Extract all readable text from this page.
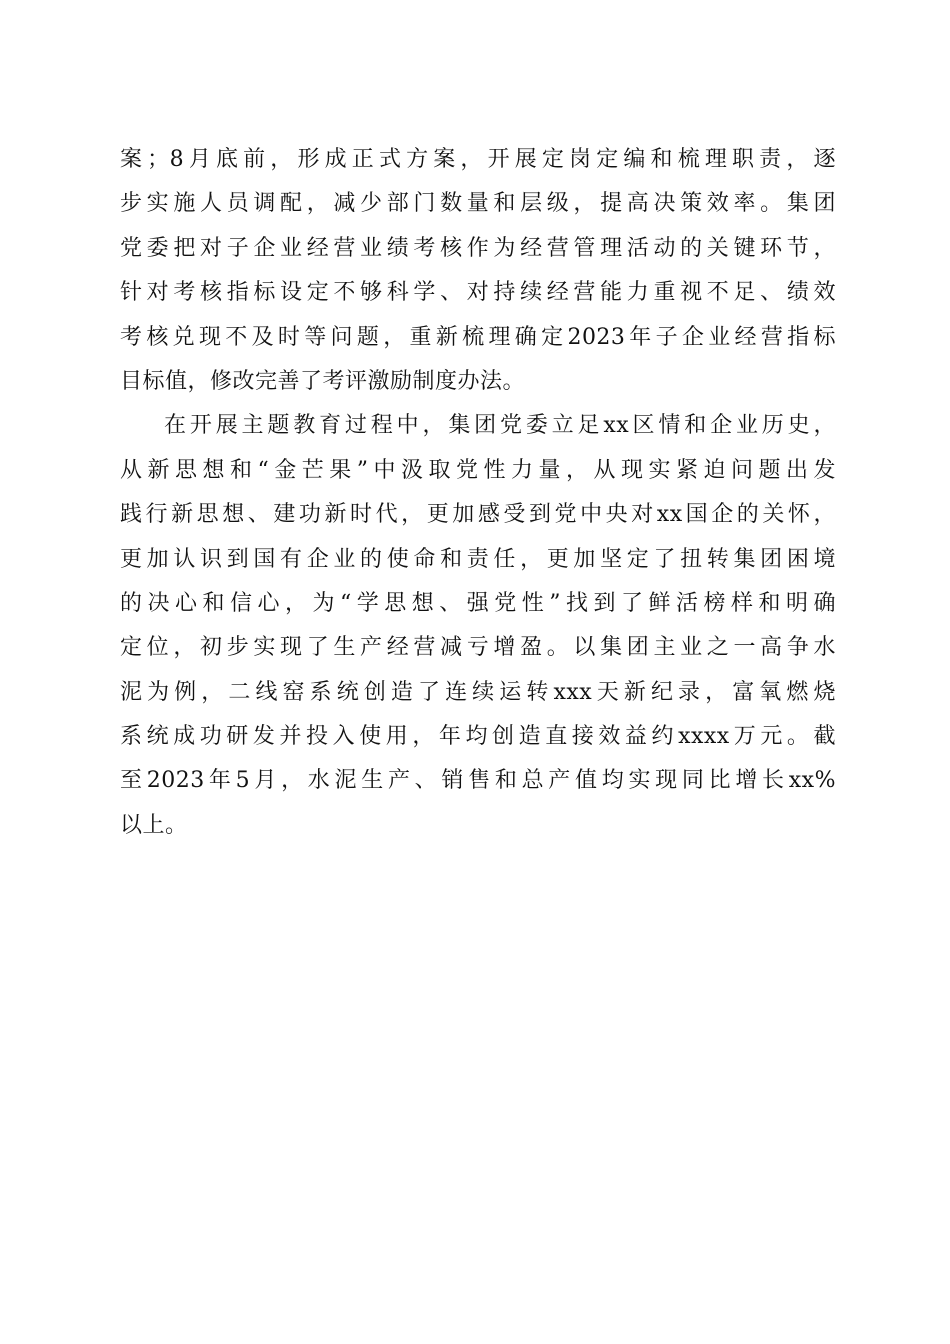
案；8月底前，形成正式方案，开展定岗定编和梳理职责，逐
步实施人员调配，减少部门数量和层级，提高决策效率。集团
党委把对子企业经营业绩考核作为经营管理活动的关键环节，
针对考核指标设定不够科学、对持续经营能力重视不足、绩效
考核兑现不及时等问题，重新梳理确定2023年子企业经营指标
目标值，修改完善了考评激励制度办法。
在开展主题教育过程中，集团党委立足xx区情和企业历史，
从新思想和“金芒果”中汲取党性力量，从现实紧迫问题出发
践行新思想、建功新时代，更加感受到党中央对xx国企的关怀，
更加认识到国有企业的使命和责任，更加坚定了扭转集团困境
的决心和信心，为“学思想、强党性”找到了鲜活榜样和明确
定位，初步实现了生产经营减亏增盈。以集团主业之一高争水
泥为例，二线窑系统创造了连续运转xxx天新纪录，富氧燃烧
系统成功研发并投入使用，年均创造直接效益约xxxx万元。截
至2023年5月，水泥生产、销售和总产值均实现同比增长xx%
以上。
